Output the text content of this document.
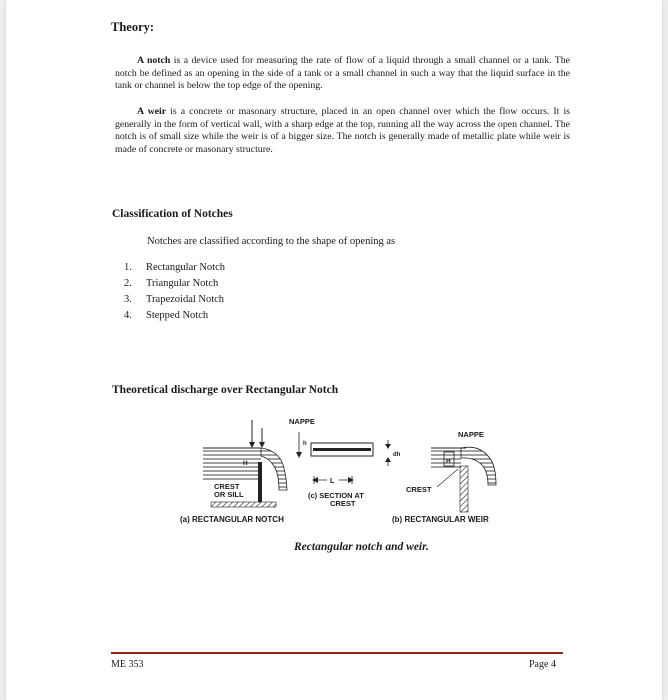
Theory:
A notch is a device used for measuring the rate of flow of a liquid through a small channel or a tank. The notch be defined as an opening in the side of a tank or a small channel in such a way that the liquid surface in the tank or channel is below the top edge of the opening.
A weir is a concrete or masonary structure, placed in an open channel over which the flow occurs. It is generally in the form of vertical wall, with a sharp edge at the top, running all the way across the open channel. The notch is of small size while the weir is of a bigger size. The notch is generally made of metallic plate while weir is made of concrete or masonary structure.
Classification of Notches
Notches are classified according to the shape of opening as
1. Rectangular Notch
2. Triangular Notch
3. Trapezoidal Notch
4. Stepped Notch
Theoretical discharge over Rectangular Notch
H
CREST
OR SILL
(a) RECTANGULAR NOTCH
NAPPE
h
dh
L
(c) SECTION AT
CREST
NAPPE
H
CREST
(b) RECTANGULAR WEIR
Rectangular notch and weir.
ME 353	Page 4
